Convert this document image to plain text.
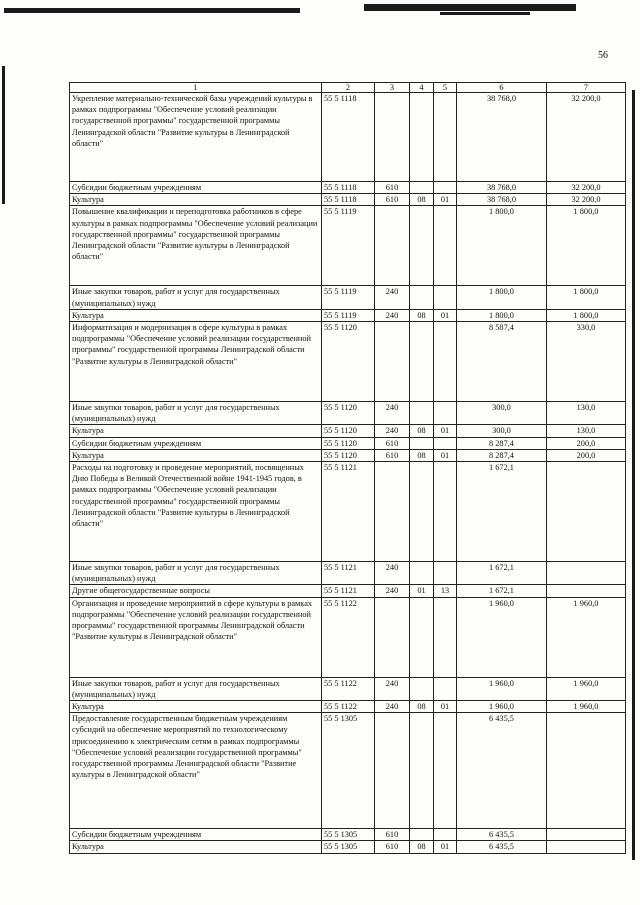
56
1	2	3	4	5	6	7
Укрепление материально-технической базы учреждений культуры в рамках подпрограммы "Обеспечение условий реализации государственной программы" государственной программы Ленинградской области "Развитие культуры в Ленинградской области"	55 5 1118				38 768,0	32 200,0
Субсидии бюджетным учреждениям	55 5 1118	610			38 768,0	32 200,0
Культура	55 5 1118	610	08	01	38 768,0	32 200,0
Повышение квалификации и переподготовка работников в сфере культуры в рамках подпрограммы "Обеспечение условий реализации государственной программы" государственной программы Ленинградской области "Развитие культуры в Ленинградской области"	55 5 1119				1 800,0	1 800,0
Иные закупки товаров, работ и услуг для государственных (муниципальных) нужд	55 5 1119	240			1 800,0	1 800,0
Культура	55 5 1119	240	08	01	1 800,0	1 800,0
Информатизация и модернизация в сфере культуры в рамках подпрограммы "Обеспечение условий реализации государственной программы" государственной программы Ленинградской области "Развитие культуры в Ленинградской области"	55 5 1120				8 587,4	330,0
Иные закупки товаров, работ и услуг для государственных (муниципальных) нужд	55 5 1120	240			300,0	130,0
Культура	55 5 1120	240	08	01	300,0	130,0
Субсидии бюджетным учреждениям	55 5 1120	610			8 287,4	200,0
Культура	55 5 1120	610	08	01	8 287,4	200,0
Расходы на подготовку и проведение мероприятий, посвященных Дню Победы в Великой Отечественной войне 1941-1945 годов, в рамках подпрограммы "Обеспечение условий реализации государственной программы" государственной программы Ленинградской области "Развитие культуры в Ленинградской области"	55 5 1121				1 672,1	
Иные закупки товаров, работ и услуг для государственных (муниципальных) нужд	55 5 1121	240			1 672,1	
Другие общегосударственные вопросы	55 5 1121	240	01	13	1 672,1	
Организация и проведение мероприятий в сфере культуры в рамках подпрограммы "Обеспечение условий реализации государственной программы" государственной программы Ленинградской области "Развитие культуры в Ленинградской области"	55 5 1122				1 960,0	1 960,0
Иные закупки товаров, работ и услуг для государственных (муниципальных) нужд	55 5 1122	240			1 960,0	1 960,0
Культура	55 5 1122	240	08	01	1 960,0	1 960,0
Предоставление государственным бюджетным учреждениям субсидий на обеспечение мероприятий по технологическому присоединению к электрическим сетям в рамках подпрограммы "Обеспечение условий реализации государственной программы" государственной программы Ленинградской области "Развитие культуры в Ленинградской области"	55 5 1305				6 435,5	
Субсидии бюджетным учреждениям	55 5 1305	610			6 435,5	
Культура	55 5 1305	610	08	01	6 435,5	
